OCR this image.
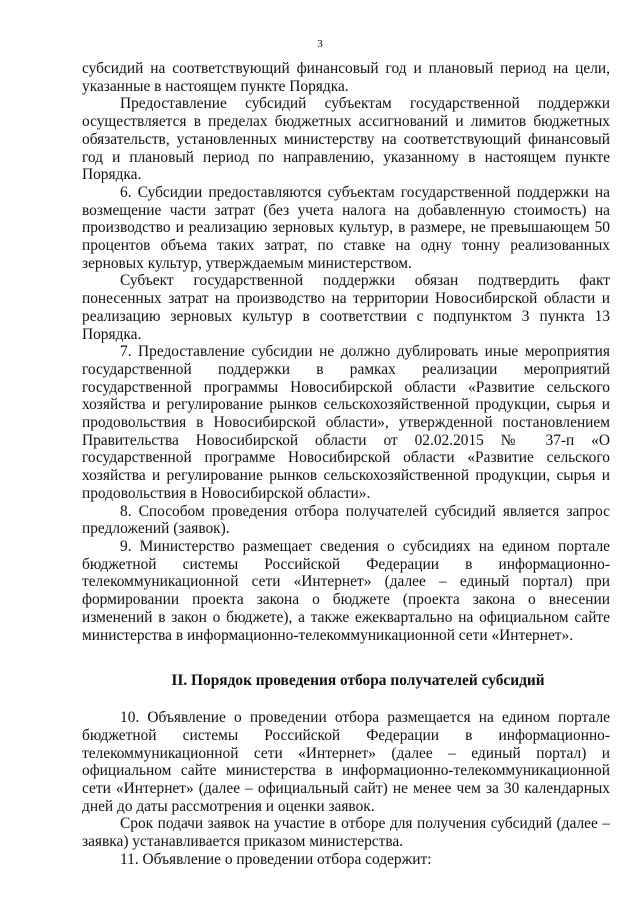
3

субсидий на соответствующий финансовый год и плановый период на цели, указанные в настоящем пункте Порядка.

Предоставление субсидий субъектам государственной поддержки осуществляется в пределах бюджетных ассигнований и лимитов бюджетных обязательств, установленных министерству на соответствующий финансовый год и плановый период по направлению, указанному в настоящем пункте Порядка.

6. Субсидии предоставляются субъектам государственной поддержки на возмещение части затрат (без учета налога на добавленную стоимость) на производство и реализацию зерновых культур, в размере, не превышающем 50 процентов объема таких затрат, по ставке на одну тонну реализованных зерновых культур, утверждаемым министерством.

Субъект государственной поддержки обязан подтвердить факт понесенных затрат на производство на территории Новосибирской области и реализацию зерновых культур в соответствии с подпунктом 3 пункта 13 Порядка.

7. Предоставление субсидии не должно дублировать иные мероприятия государственной поддержки в рамках реализации мероприятий государственной программы Новосибирской области «Развитие сельского хозяйства и регулирование рынков сельскохозяйственной продукции, сырья и продовольствия в Новосибирской области», утвержденной постановлением Правительства Новосибирской области от 02.02.2015 № 37-п «О государственной программе Новосибирской области «Развитие сельского хозяйства и регулирование рынков сельскохозяйственной продукции, сырья и продовольствия в Новосибирской области».

8. Способом проведения отбора получателей субсидий является запрос предложений (заявок).

9. Министерство размещает сведения о субсидиях на едином портале бюджетной системы Российской Федерации в информационно-телекоммуникационной сети «Интернет» (далее – единый портал) при формировании проекта закона о бюджете (проекта закона о внесении изменений в закон о бюджете), а также ежеквартально на официальном сайте министерства в информационно-телекоммуникационной сети «Интернет».

II. Порядок проведения отбора получателей субсидий

10. Объявление о проведении отбора размещается на едином портале бюджетной системы Российской Федерации в информационно-телекоммуникационной сети «Интернет» (далее – единый портал) и официальном сайте министерства в информационно-телекоммуникационной сети «Интернет» (далее – официальный сайт) не менее чем за 30 календарных дней до даты рассмотрения и оценки заявок.

Срок подачи заявок на участие в отборе для получения субсидий (далее – заявка) устанавливается приказом министерства.

11. Объявление о проведении отбора содержит:
